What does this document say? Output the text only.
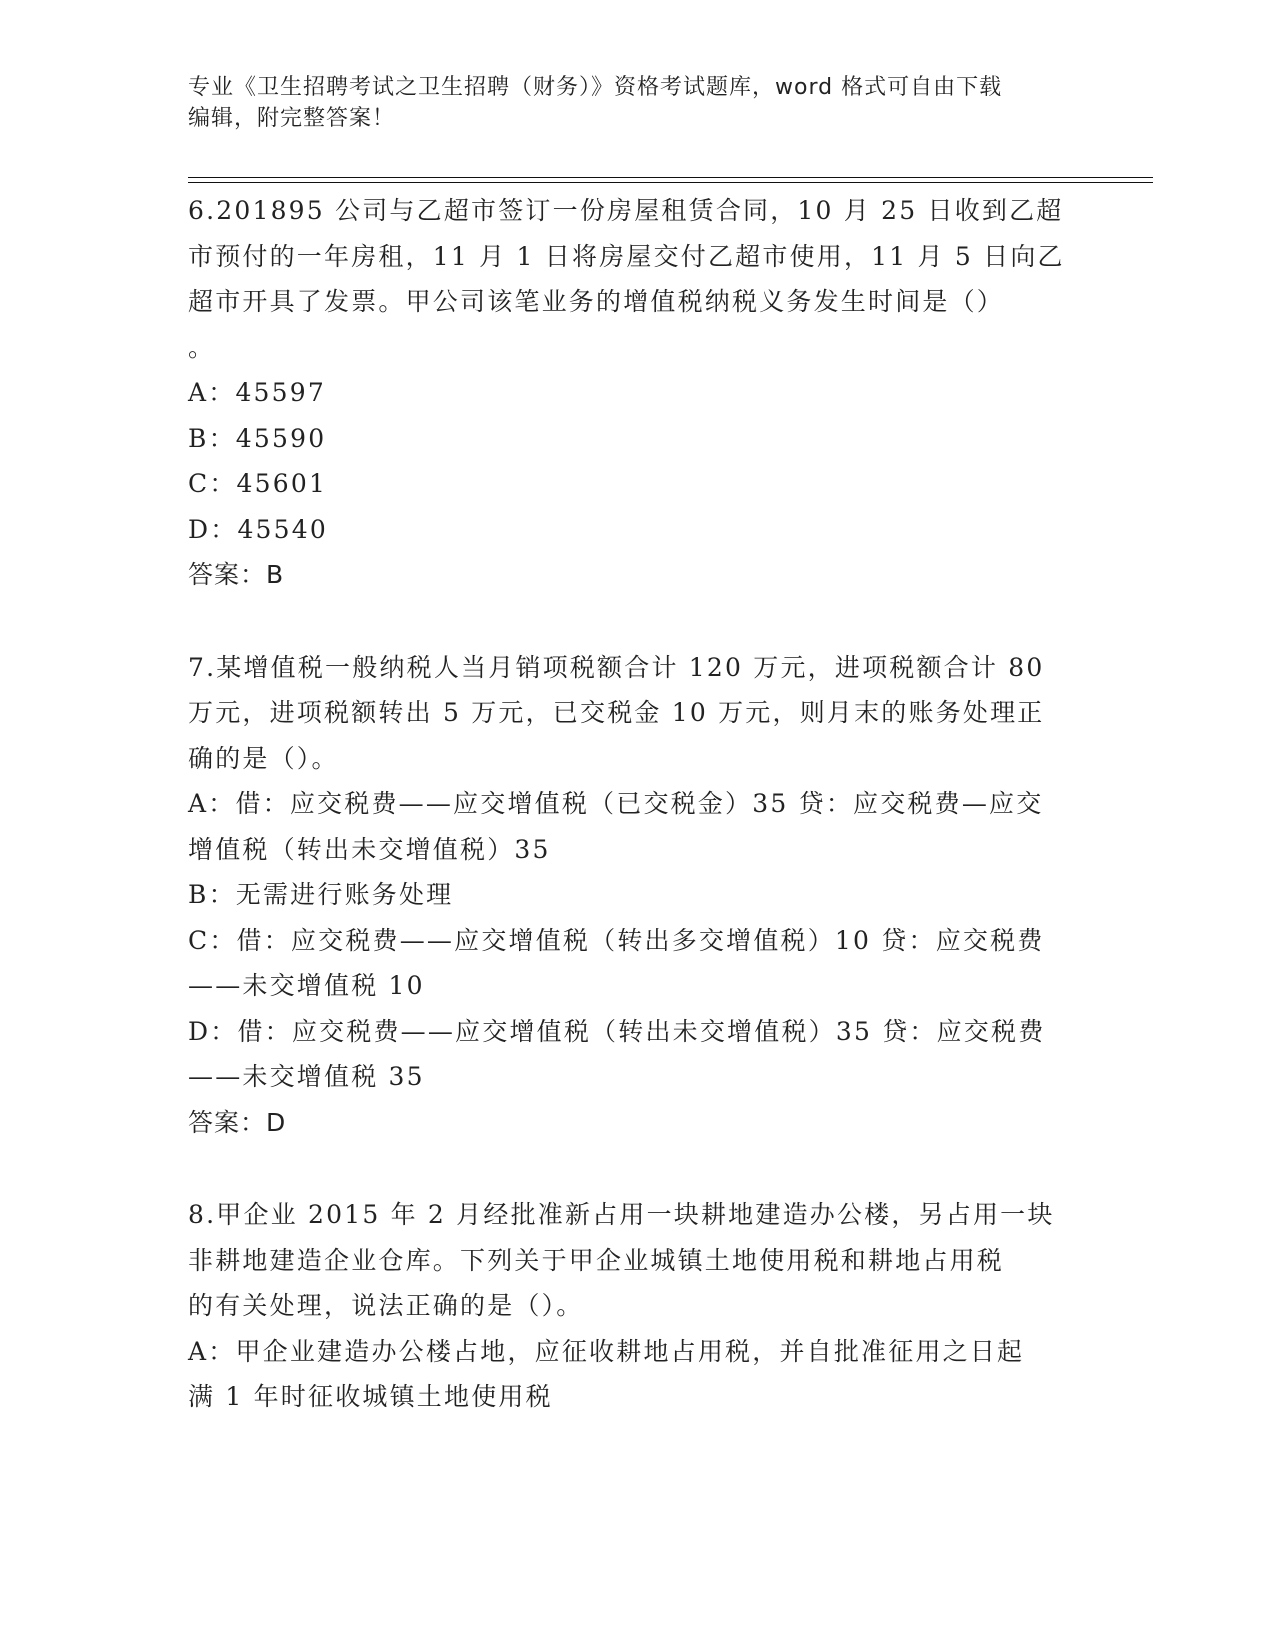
专业《卫生招聘考试之卫生招聘（财务）》资格考试题库，word 格式可自由下载
编辑，附完整答案！
6.201895 公司与乙超市签订一份房屋租赁合同，10 月 25 日收到乙超
市预付的一年房租，11 月 1 日将房屋交付乙超市使用，11 月 5 日向乙
超市开具了发票。甲公司该笔业务的增值税纳税义务发生时间是（）
。
A：45597
B：45590
C：45601
D：45540
答案：B
7.某增值税一般纳税人当月销项税额合计 120 万元，进项税额合计 80
万元，进项税额转出 5 万元，已交税金 10 万元，则月末的账务处理正
确的是（）。
A：借：应交税费——应交增值税（已交税金）35 贷：应交税费—应交
增值税（转出未交增值税）35
B：无需进行账务处理
C：借：应交税费——应交增值税（转出多交增值税）10 贷：应交税费
——未交增值税 10
D：借：应交税费——应交增值税（转出未交增值税）35 贷：应交税费
——未交增值税 35
答案：D
8.甲企业 2015 年 2 月经批准新占用一块耕地建造办公楼，另占用一块
非耕地建造企业仓库。下列关于甲企业城镇土地使用税和耕地占用税
的有关处理，说法正确的是（）。
A：甲企业建造办公楼占地，应征收耕地占用税，并自批准征用之日起
满 1 年时征收城镇土地使用税
